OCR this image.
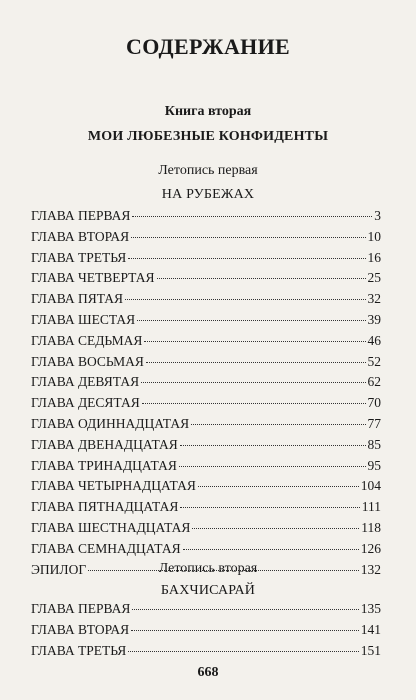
СОДЕРЖАНИЕ
Книга вторая
МОИ ЛЮБЕЗНЫЕ КОНФИДЕНТЫ
Летопись первая
НА РУБЕЖАХ
ГЛАВА ПЕРВАЯ	3
ГЛАВА ВТОРАЯ	10
ГЛАВА ТРЕТЬЯ	16
ГЛАВА ЧЕТВЕРТАЯ	25
ГЛАВА ПЯТАЯ	32
ГЛАВА ШЕСТАЯ	39
ГЛАВА СЕДЬМАЯ	46
ГЛАВА ВОСЬМАЯ	52
ГЛАВА ДЕВЯТАЯ	62
ГЛАВА ДЕСЯТАЯ	70
ГЛАВА ОДИННАДЦАТАЯ	77
ГЛАВА ДВЕНАДЦАТАЯ	85
ГЛАВА ТРИНАДЦАТАЯ	95
ГЛАВА ЧЕТЫРНАДЦАТАЯ	104
ГЛАВА ПЯТНАДЦАТАЯ	111
ГЛАВА ШЕСТНАДЦАТАЯ	118
ГЛАВА СЕМНАДЦАТАЯ	126
ЭПИЛОГ	132
Летопись вторая
БАХЧИСАРАЙ
ГЛАВА ПЕРВАЯ	135
ГЛАВА ВТОРАЯ	141
ГЛАВА ТРЕТЬЯ	151
668
